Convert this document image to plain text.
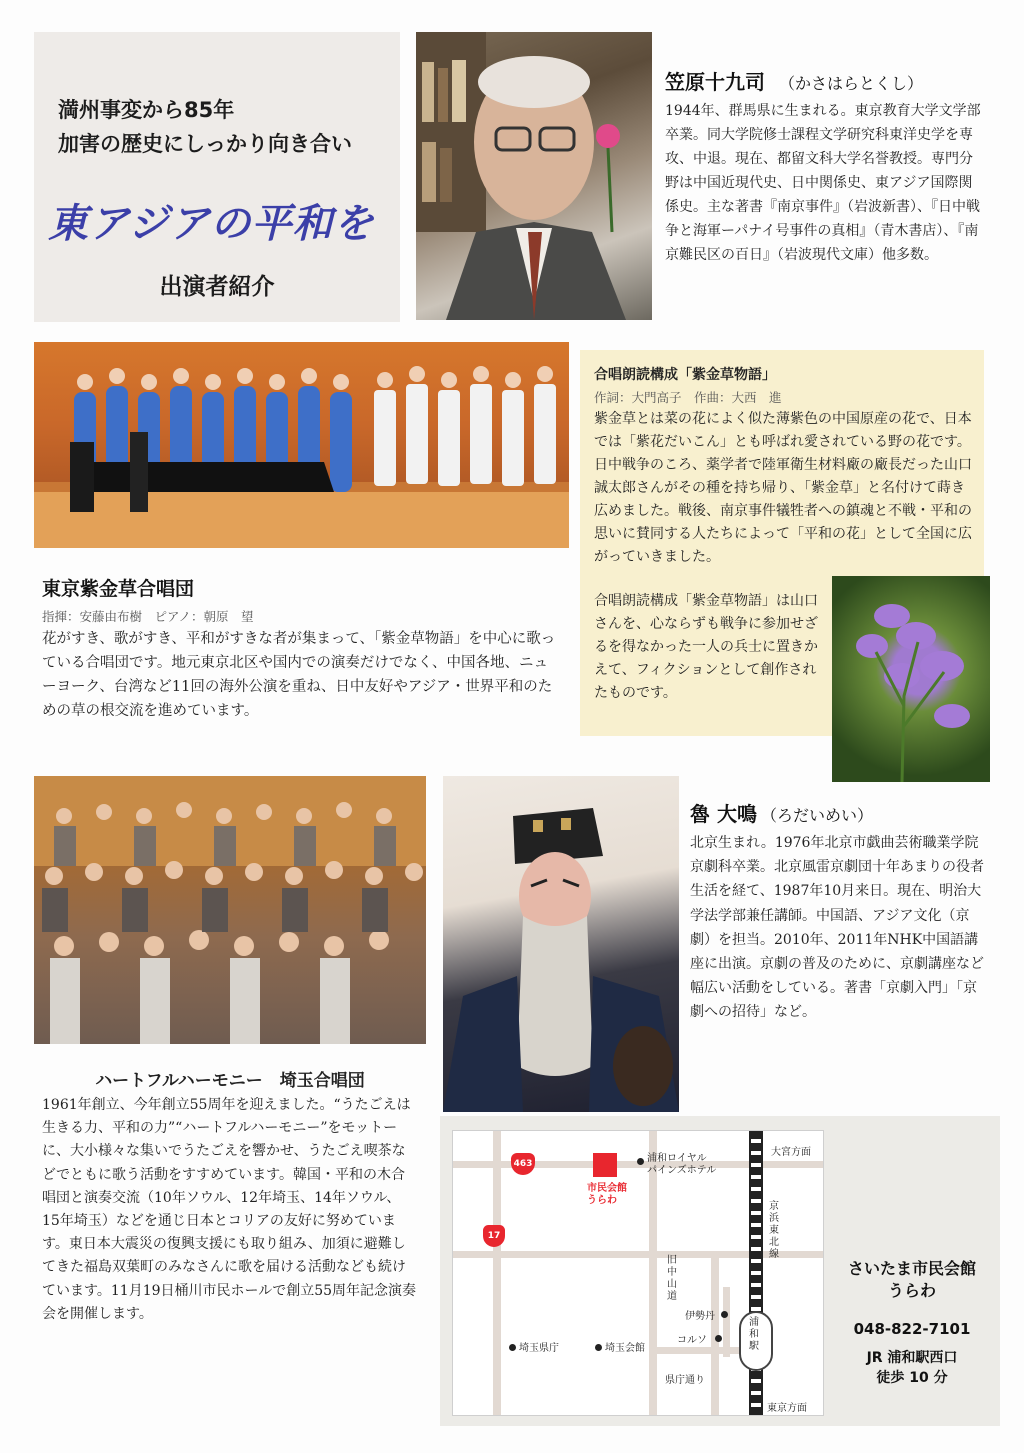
満州事変から85年
加害の歴史にしっかり向き合い
東アジアの平和を
出演者紹介
笠原十九司 （かさはらとくし）
1944年、群馬県に生まれる。東京教育大学文学部卒業。同大学院修士課程文学研究科東洋史学を専攻、中退。現在、都留文科大学名誉教授。専門分野は中国近現代史、日中関係史、東アジア国際関係史。主な著書『南京事件』（岩波新書）、『日中戦争と海軍ーパナイ号事件の真相』（青木書店）、『南京難民区の百日』（岩波現代文庫）他多数。
合唱朗読構成「紫金草物語」
作詞：大門高子　作曲：大西　進
紫金草とは菜の花によく似た薄紫色の中国原産の花で、日本では「紫花だいこん」とも呼ばれ愛されている野の花です。日中戦争のころ、薬学者で陸軍衛生材料廠の廠長だった山口誠太郎さんがその種を持ち帰り、「紫金草」と名付けて蒔き広めました。戦後、南京事件犠牲者への鎮魂と不戦・平和の思いに賛同する人たちによって「平和の花」として全国に広がっていきました。
合唱朗読構成「紫金草物語」は山口さんを、心ならずも戦争に参加せざるを得なかった一人の兵士に置きかえて、フィクションとして創作されたものです。
東京紫金草合唱団
指揮：安藤由布樹　ピアノ：朝原　望
花がすき、歌がすき、平和がすきな者が集まって、「紫金草物語」を中心に歌っている合唱団です。地元東京北区や国内での演奏だけでなく、中国各地、ニューヨーク、台湾など11回の海外公演を重ね、日中友好やアジア・世界平和のための草の根交流を進めています。
ハートフルハーモニー　埼玉合唱団
1961年創立、今年創立55周年を迎えました。“うたごえは生きる力、平和の力”“ハートフルハーモニー”をモットーに、大小様々な集いでうたごえを響かせ、うたごえ喫茶などでともに歌う活動をすすめています。韓国・平和の木合唱団と演奏交流（10年ソウル、12年埼玉、14年ソウル、15年埼玉）などを通じ日本とコリアの友好に努めています。東日本大震災の復興支援にも取り組み、加須に避難してきた福島双葉町のみなさんに歌を届ける活動なども続けています。11月19日桶川市民ホールで創立55周年記念演奏会を開催します。
魯 大鳴 （ろだいめい）
北京生まれ。1976年北京市戯曲芸術職業学院　京劇科卒業。北京風雷京劇団十年あまりの役者生活を経て、1987年10月来日。現在、明治大学法学部兼任講師。中国語、アジア文化（京劇）を担当。2010年、2011年NHK中国語講座に出演。京劇の普及のために、京劇講座など幅広い活動をしている。著書「京劇入門」「京劇への招待」など。
463
17
市民会館
うらわ
浦和ロイヤル
パインズホテル
大宮方面
東京方面
京浜東北線
浦和駅
旧中山道
伊勢丹
コルソ
埼玉県庁	埼玉会館
県庁通り
さいたま市民会館
うらわ
048-822-7101
JR 浦和駅西口
徒歩 10 分
